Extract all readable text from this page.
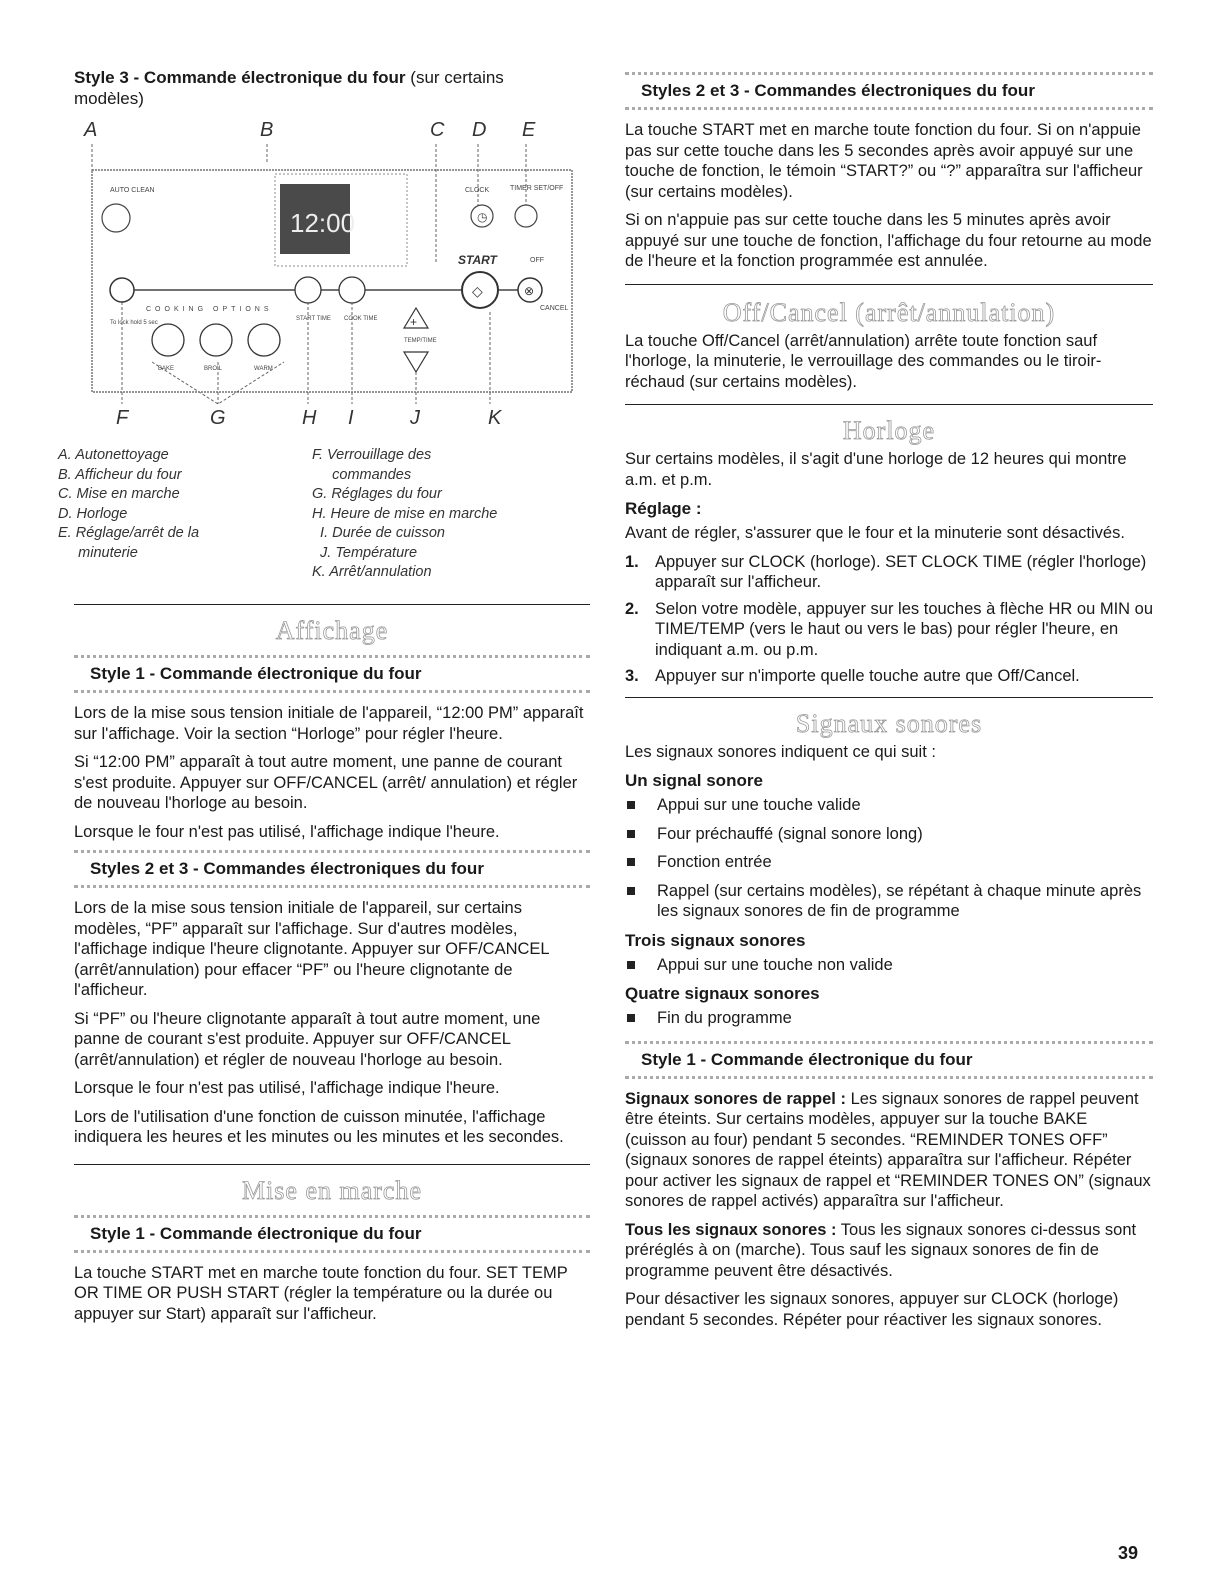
Style 3 - Commande électronique du four (sur certains
modèles)
A	B	C D E
F	G	H I	J	K
AUTO CLEAN
12:00
CLOCK	TIMER SET/OFF
◷
START	OFF
CANCEL
◇	⊗
To lock hold 5 sec
COOKING OPTIONS
BAKE	BROIL	WARM
START TIME COOK TIME	+
TEMP/TIME
A. Autonettoyage
B. Afficheur du four
C. Mise en marche
D. Horloge
E. Réglage/arrêt de la
minuterie
F. Verrouillage des
commandes
G. Réglages du four
H. Heure de mise en marche
I. Durée de cuisson
J. Température
K. Arrêt/annulation
Affichage
Style 1 - Commande électronique du four

Lors de la mise sous tension initiale de l'appareil, “12:00 PM” apparaît sur l'affichage. Voir la section “Horloge” pour régler l'heure.

Si “12:00 PM” apparaît à tout autre moment, une panne de courant s'est produite. Appuyer sur OFF/CANCEL (arrêt/ annulation) et régler de nouveau l'horloge au besoin.

Lorsque le four n'est pas utilisé, l'affichage indique l'heure.

Styles 2 et 3 - Commandes électroniques du four

Lors de la mise sous tension initiale de l'appareil, sur certains modèles, “PF” apparaît sur l'affichage. Sur d'autres modèles, l'affichage indique l'heure clignotante. Appuyer sur OFF/CANCEL (arrêt/annulation) pour effacer “PF” ou l'heure clignotante de l'afficheur.

Si “PF” ou l'heure clignotante apparaît à tout autre moment, une panne de courant s'est produite. Appuyer sur OFF/CANCEL (arrêt/annulation) et régler de nouveau l'horloge au besoin.

Lorsque le four n'est pas utilisé, l'affichage indique l'heure.

Lors de l'utilisation d'une fonction de cuisson minutée, l'affichage indiquera les heures et les minutes ou les minutes et les secondes.

Mise en marche
Style 1 - Commande électronique du four

La touche START met en marche toute fonction du four. SET TEMP OR TIME OR PUSH START (régler la température ou la durée ou appuyer sur Start) apparaît sur l'afficheur.

Styles 2 et 3 - Commandes électroniques du four

La touche START met en marche toute fonction du four. Si on n'appuie pas sur cette touche dans les 5 secondes après avoir appuyé sur une touche de fonction, le témoin “START?” ou “?” apparaîtra sur l'afficheur (sur certains modèles).

Si on n'appuie pas sur cette touche dans les 5 minutes après avoir appuyé sur une touche de fonction, l'affichage du four retourne au mode de l'heure et la fonction programmée est annulée.

Off/Cancel (arrêt/annulation)

La touche Off/Cancel (arrêt/annulation) arrête toute fonction sauf l'horloge, la minuterie, le verrouillage des commandes ou le tiroir-réchaud (sur certains modèles).

Horloge

Sur certains modèles, il s'agit d'une horloge de 12 heures qui montre a.m. et p.m.

Réglage :

Avant de régler, s'assurer que le four et la minuterie sont désactivés.

1. Appuyer sur CLOCK (horloge). SET CLOCK TIME (régler l'horloge) apparaît sur l'afficheur.
2. Selon votre modèle, appuyer sur les touches à flèche HR ou MIN ou TIME/TEMP (vers le haut ou vers le bas) pour régler l'heure, en indiquant a.m. ou p.m.
3. Appuyer sur n'importe quelle touche autre que Off/Cancel.
Signaux sonores

Les signaux sonores indiquent ce qui suit :

Un signal sonore
Appui sur une touche valide
Four préchauffé (signal sonore long)
Fonction entrée
Rappel (sur certains modèles), se répétant à chaque minute après les signaux sonores de fin de programme
Trois signaux sonores
Appui sur une touche non valide
Quatre signaux sonores
Fin du programme
Style 1 - Commande électronique du four

Signaux sonores de rappel : Les signaux sonores de rappel peuvent être éteints. Sur certains modèles, appuyer sur la touche BAKE (cuisson au four) pendant 5 secondes. “REMINDER TONES OFF” (signaux sonores de rappel éteints) apparaîtra sur l'afficheur. Répéter pour activer les signaux de rappel et “REMINDER TONES ON” (signaux sonores de rappel activés) apparaîtra sur l'afficheur.

Tous les signaux sonores : Tous les signaux sonores ci-dessus sont préréglés à on (marche). Tous sauf les signaux sonores de fin de programme peuvent être désactivés.

Pour désactiver les signaux sonores, appuyer sur CLOCK (horloge) pendant 5 secondes. Répéter pour réactiver les signaux sonores.

39
